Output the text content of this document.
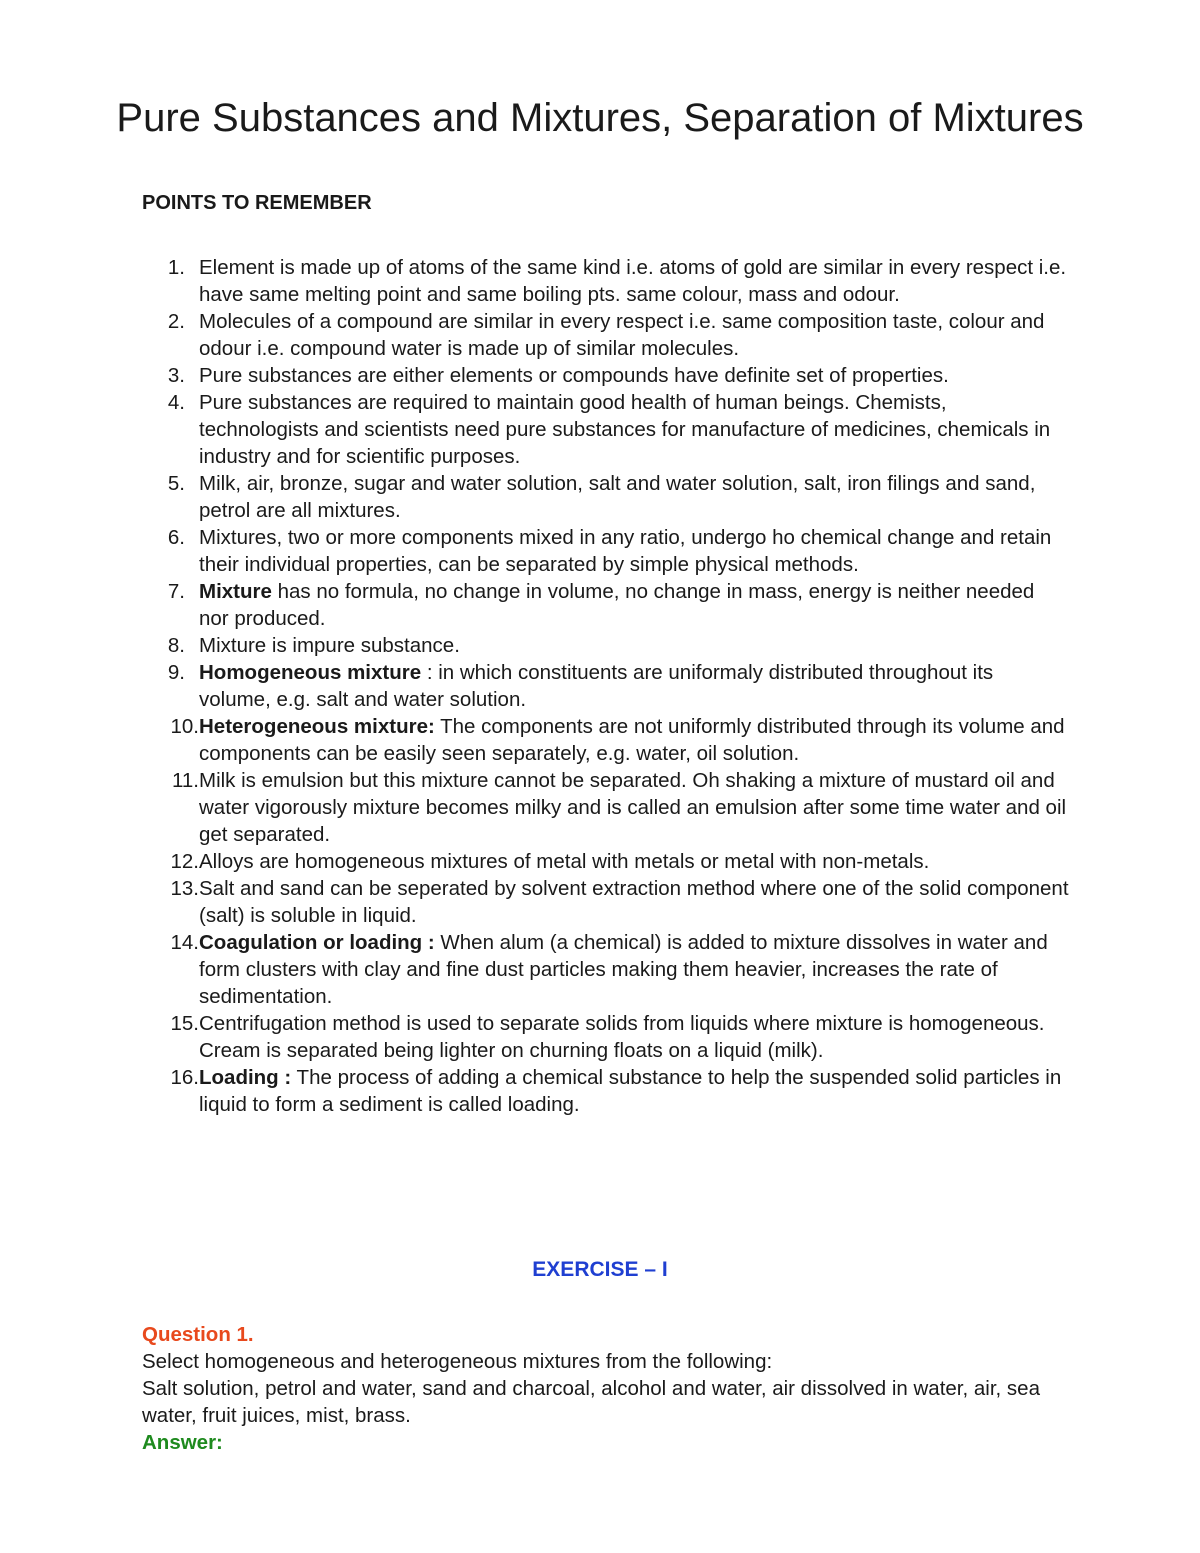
Pure Substances and Mixtures, Separation of Mixtures
POINTS TO REMEMBER
1. Element is made up of atoms of the same kind i.e. atoms of gold are similar in every respect i.e. have same melting point and same boiling pts. same colour, mass and odour.
2. Molecules of a compound are similar in every respect i.e. same composition taste, colour and odour i.e. compound water is made up of similar molecules.
3. Pure substances are either elements or compounds have definite set of properties.
4. Pure substances are required to maintain good health of human beings. Chemists, technologists and scientists need pure substances for manufacture of medicines, chemicals in industry and for scientific purposes.
5. Milk, air, bronze, sugar and water solution, salt and water solution, salt, iron filings and sand, petrol are all mixtures.
6. Mixtures, two or more components mixed in any ratio, undergo ho chemical change and retain their individual properties, can be separated by simple physical methods.
7. Mixture has no formula, no change in volume, no change in mass, energy is neither needed nor produced.
8. Mixture is impure substance.
9. Homogeneous mixture : in which constituents are uniformaly distributed throughout its volume, e.g. salt and water solution.
10. Heterogeneous mixture: The components are not uniformly distributed through its volume and components can be easily seen separately, e.g. water, oil solution.
11. Milk is emulsion but this mixture cannot be separated. Oh shaking a mixture of mustard oil and water vigorously mixture becomes milky and is called an emulsion after some time water and oil get separated.
12. Alloys are homogeneous mixtures of metal with metals or metal with non-metals.
13. Salt and sand can be seperated by solvent extraction method where one of the solid component (salt) is soluble in liquid.
14. Coagulation or loading : When alum (a chemical) is added to mixture dissolves in water and form clusters with clay and fine dust particles making them heavier, increases the rate of sedimentation.
15. Centrifugation method is used to separate solids from liquids where mixture is homogeneous. Cream is separated being lighter on churning floats on a liquid (milk).
16. Loading : The process of adding a chemical substance to help the suspended solid particles in liquid to form a sediment is called loading.
EXERCISE – I

Question 1.

Select homogeneous and heterogeneous mixtures from the following:

Salt solution, petrol and water, sand and charcoal, alcohol and water, air dissolved in water, air, sea water, fruit juices, mist, brass.

Answer:
